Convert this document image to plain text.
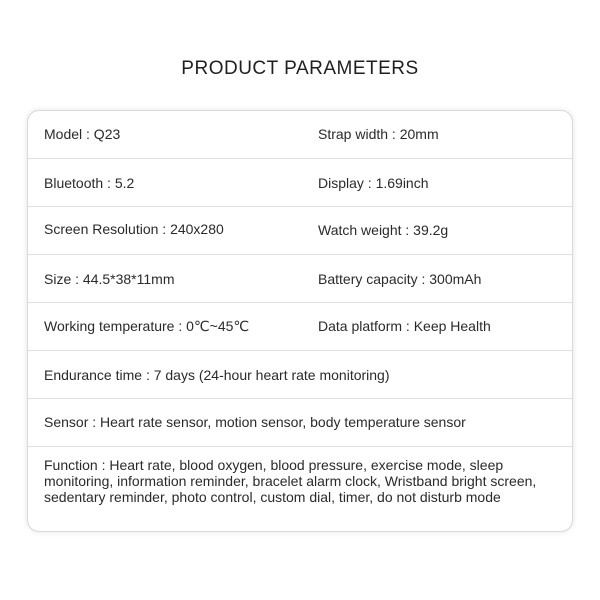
PRODUCT PARAMETERS
Model : Q23	Strap width : 20mm
Bluetooth : 5.2	Display : 1.69inch
Screen Resolution : 240x280	Watch weight : 39.2g
Size : 44.5*38*11mm	Battery capacity : 300mAh
Working temperature : 0℃~45℃	Data platform : Keep Health
Endurance time : 7 days (24-hour heart rate monitoring)
Sensor : Heart rate sensor, motion sensor, body temperature sensor
Function : Heart rate, blood oxygen, blood pressure, exercise mode, sleep monitoring, information reminder, bracelet alarm clock, Wristband bright screen, sedentary reminder, photo control, custom dial, timer, do not disturb mode
